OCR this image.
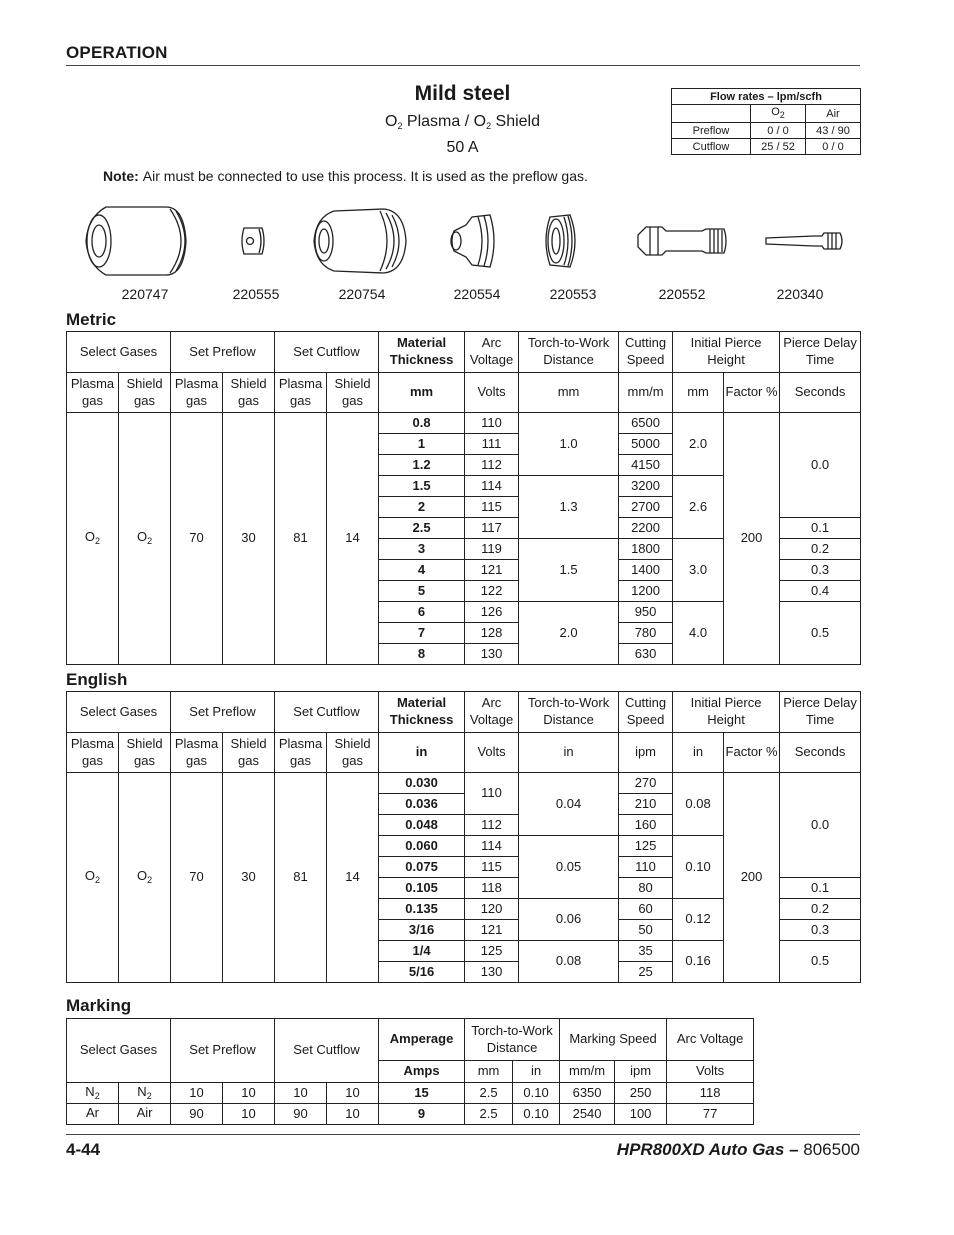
OPERATION
Mild steel
$O_2$ Plasma / $O_2$ Shield
50 A
Note: Air must be connected to use this process. It is used as the preflow gas.
Flow rates – lpm/scfh		
	$O_2$	Air
Preflow	0 / 0	43 / 90
Cutflow	25 / 52	0 / 0
220747	220555	220754	220554	220553	220552	220340
Metric
Select Gases		Set Preflow		Set Cutflow		Material Thickness	Arc Voltage	Torch-to-Work Distance	Cutting Speed	Initial Pierce Height		Pierce Delay Time
Plasma gas	Shield gas	Plasma gas	Shield gas	Plasma gas	Shield gas	mm	Volts	mm	mm/m	mm	Factor %	Seconds
$O_2$	$O_2$	70	30	81	14	0.8	110	1.0	6500	2.0	200	0.0
						1	111		5000			
						1.2	112		4150			
						1.5	114	1.3	3200	2.6		
						2	115		2700			
						2.5	117		2200			0.1
						3	119	1.5	1800	3.0		0.2
						4	121		1400			0.3
						5	122		1200			0.4
						6	126	2.0	950	4.0		0.5
						7	128		780			
						8	130		630			
English
Select Gases		Set Preflow		Set Cutflow		Material Thickness	Arc Voltage	Torch-to-Work Distance	Cutting Speed	Initial Pierce Height		Pierce Delay Time
Plasma gas	Shield gas	Plasma gas	Shield gas	Plasma gas	Shield gas	in	Volts	in	ipm	in	Factor %	Seconds
$O_2$	$O_2$	70	30	81	14	0.030	110	0.04	270	0.08	200	0.0
						0.036			210			
						0.048	112		160			
						0.060	114	0.05	125	0.10		
						0.075	115		110			
						0.105	118		80			0.1
						0.135	120	0.06	60	0.12		0.2
						3/16	121		50			0.3
						1/4	125	0.08	35	0.16		0.5
						5/16	130		25			
Marking
Select Gases		Set Preflow		Set Cutflow		Amperage	Torch-to-Work Distance		Marking Speed		Arc Voltage
						Amps	mm	in	mm/m	ipm	Volts
$N_2$	$N_2$	10	10	10	10	15	2.5	0.10	6350	250	118
Ar	Air	90	10	90	10	9	2.5	0.10	2540	100	77
4-44	HPR800XD Auto Gas – 806500
